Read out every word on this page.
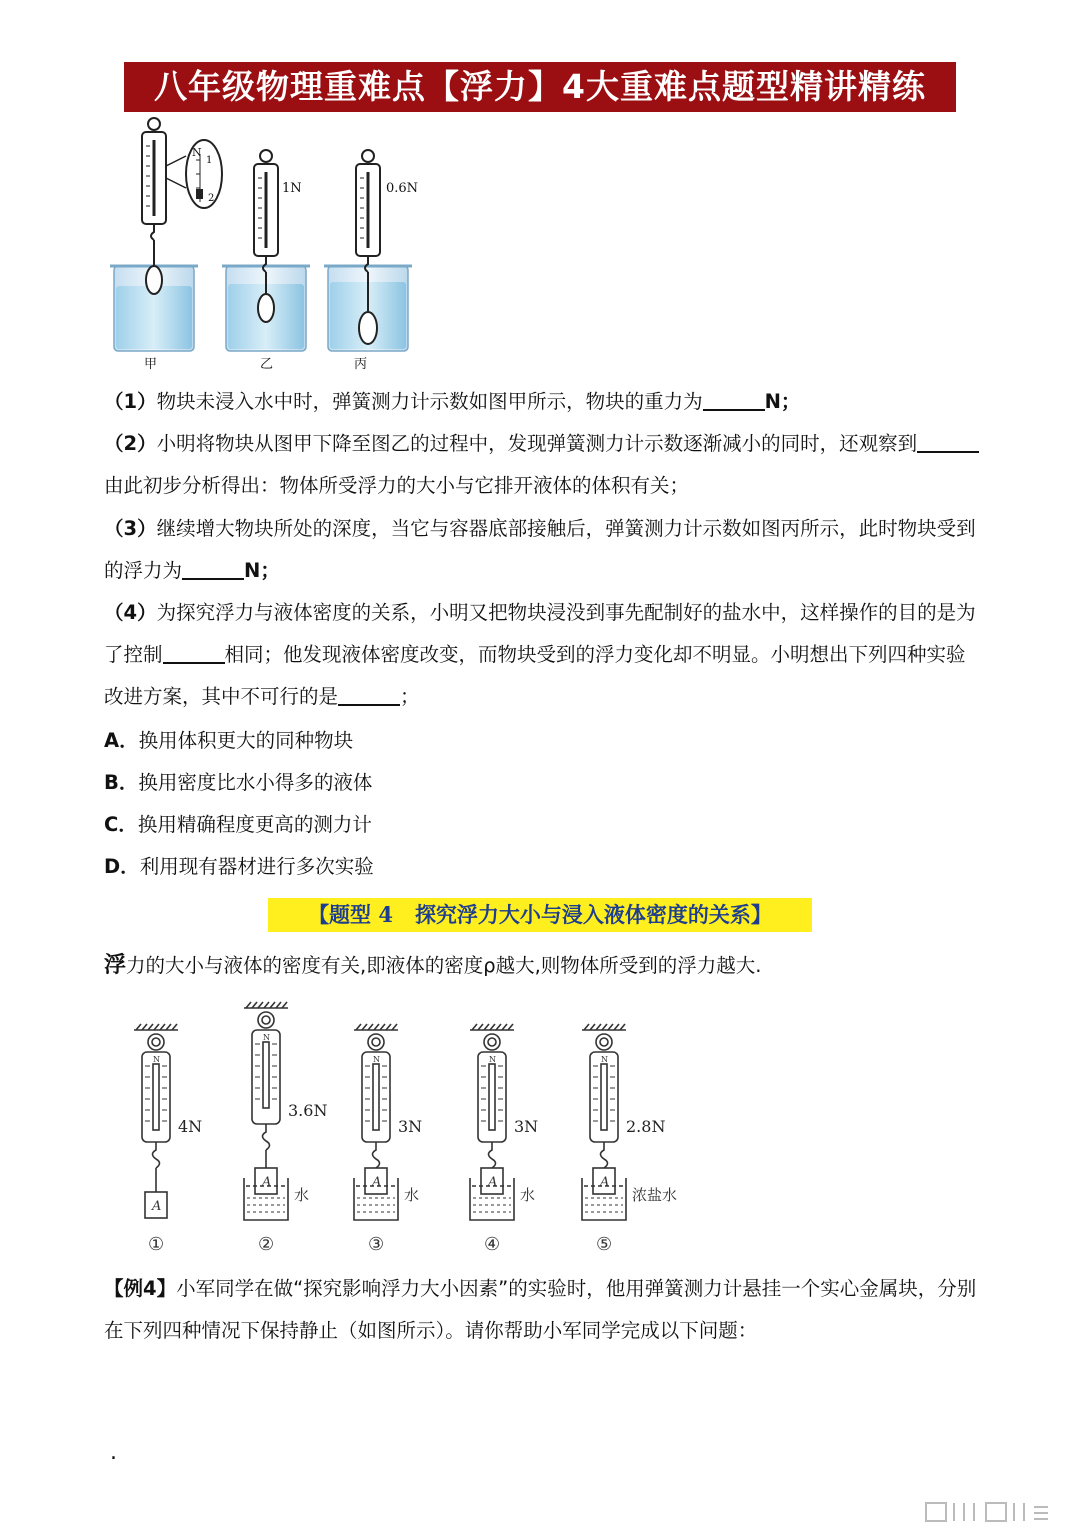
八年级物理重难点【浮力】4大重难点题型精讲精练
N
1
2
1N	0.6N
甲	乙	丙
（1）物块未浸入水中时，弹簧测力计示数如图甲所示，物块的重力为	N；
（2）小明将物块从图甲下降至图乙的过程中，发现弹簧测力计示数逐渐减小的同时，还观察到由此初步分析得出：物体所受浮力的大小与它排开液体的体积有关；
（3）继续增大物块所处的深度，当它与容器底部接触后，弹簧测力计示数如图丙所示，此时物块受到的浮力为	N；
（4）为探究浮力与液体密度的关系，小明又把物块浸没到事先配制好的盐水中，这样操作的目的是为了控制	相同；他发现液体密度改变，而物块受到的浮力变化却不明显。小明想出下列四种实验改进方案，其中不可行的是	；
A．换用体积更大的同种物块
B．换用密度比水小得多的液体
C．换用精确程度更高的测力计
D．利用现有器材进行多次实验
【题型 4 探究浮力大小与浸入液体密度的关系】
浮力的大小与液体的密度有关,即液体的密度ρ越大,则物体所受到的浮力越大.
N
A
4N
①
N
A
水
3.6N
②
N
A
水
3N
③
N
A
水
3N
④
N
A
浓盐水
2.8N
⑤
【例4】小军同学在做“探究影响浮力大小因素”的实验时，他用弹簧测力计悬挂一个实心金属块，分别在下列四种情况下保持静止（如图所示）。请你帮助小军同学完成以下问题：
.
